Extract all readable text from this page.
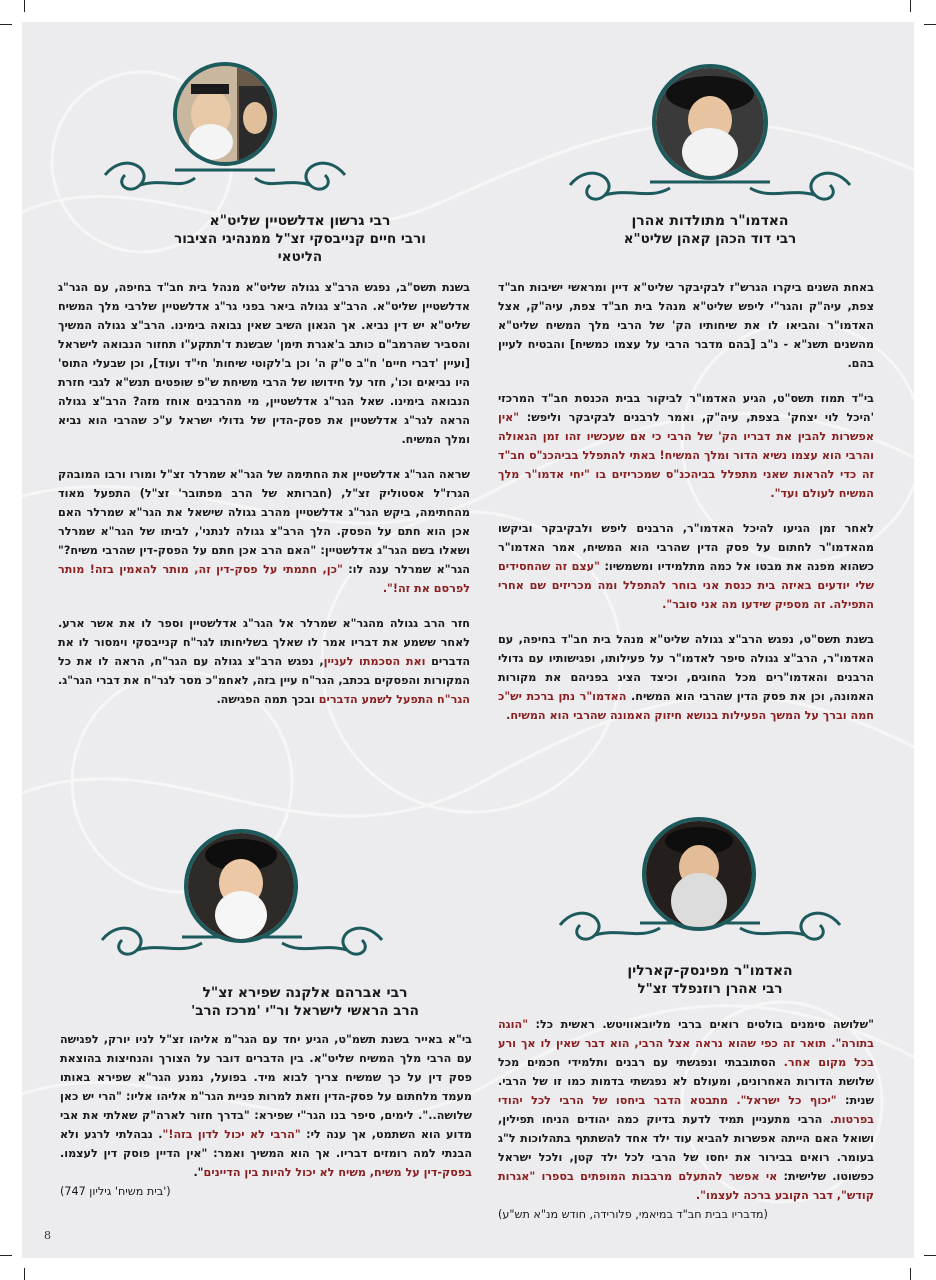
רבי גרשון אדלשטיין שליט"א
ורבי חיים קנייבסקי זצ"ל ממנהיגי הציבור הליטאי
האדמו"ר מתולדות אהרן
רבי דוד הכהן קאהן שליט"א

בשנת תשס"ב, נפגש הרב"צ גגולה שליט"א מנהל בית חב"ד בחיפה, עם הגר"ג אדלשטיין שליט"א. הרב"צ גגולה ביאר בפני גר"ג אדלשטיין שלרבי מלך המשיח שליט"א יש דין נביא. אך הגאון השיב שאין נבואה בימינו. הרב"צ גגולה המשיך והסביר שהרמב"ם כותב ב'אגרת תימן' שבשנת ד'תתקע"ו תחזור הנבואה לישראל [ועיין 'דברי חיים' ח"ב ס"ק ה' וכן ב'לקוטי שיחות' חי"ד ועוד], וכן שבעלי התוס' היו נביאים וכו', חזר על חידושו של הרבי משיחת ש"פ שופטים תנש"א לגבי חזרת הנבואה בימינו. שאל הגר"ג אדלשטיין, מי מהרבנים אוחז מזה? הרב"צ גגולה הראה לגר"ג אדלשטיין את פסק-הדין של גדולי ישראל ע"כ שהרבי הוא נביא ומלך המשיח.

שראה הגר"ג אדלשטיין את החתימה של הגר"א שמרלר זצ"ל ומורו ורבו המובהק הגרז"ל אסטוליק זצ"ל, (חברותא של הרב מפתובר' זצ"ל) התפעל מאוד מהחתימה, ביקש הגר"ג אדלשטיין מהרב גגולה שישאל את הגר"א שמרלר האם אכן הוא חתם על הפסק. הלך הרב"צ גגולה לנתני', לביתו של הגר"א שמרלר ושאלו בשם הגר"ג אדלשטיין: "האם הרב אכן חתם על הפסק-דין שהרבי משיח?" הגר"א שמרלר ענה לו: "כן, חתמתי על פסק-דין זה, מותר להאמין בזה! מותר לפרסם את זה!".

חזר הרב גגולה מהגר"א שמרלר אל הגר"ג אדלשטיין וספר לו את אשר ארע. לאחר ששמע את דבריו אמר לו שאלך בשליחותו לגר"ח קנייבסקי וימסור לו את הדברים ואת הסכמתו לעניין, נפגש הרב"צ גגולה עם הגר"ח, הראה לו את כל המקורות והפסקים בכתב, הגר"ח עיין בזה, לאחמ"כ מסר לגר"ח את דברי הגר"ג. הגר"ח התפעל לשמע הדברים ובכך תמה הפגישה.

באחת השנים ביקרו הגרש"ז לבקיבקר שליט"א דיין ומראשי ישיבות חב"ד צפת, עיה"ק והגר"י ליפש שליט"א מנהל בית חב"ד צפת, עיה"ק, אצל האדמו"ר והביאו לו את שיחותיו הק' של הרבי מלך המשיח שליט"א מהשנים תשנ"א - נ"ב [בהם מדבר הרבי על עצמו כמשיח] והבטיח לעיין בהם.

בי"ד תמוז תשס"ט, הגיע האדמו"ר לביקור בבית הכנסת חב"ד המרכזי 'היכל לוי יצחק' בצפת, עיה"ק, ואמר לרבנים לבקיבקר וליפש: "אין אפשרות להבין את דבריו הק' של הרבי כי אם שעכשיו זהו זמן הגאולה והרבי הוא עצמו נשיא הדור ומלך המשיח! באתי להתפלל בביהכנ"ס חב"ד זה כדי להראות שאני מתפלל בביהכנ"ס שמכריזים בו "יחי אדמו"ר מלך המשיח לעולם ועד".

לאחר זמן הגיעו להיכל האדמו"ר, הרבנים ליפש ולבקיבקר וביקשו מהאדמו"ר לחתום על פסק הדין שהרבי הוא המשיח, אמר האדמו"ר כשהוא מפנה את מבטו אל כמה מתלמידיו ומשמשיו: "עצם זה שהחסידים שלי יודעים באיזה בית כנסת אני בוחר להתפלל ומה מכריזים שם אחרי התפילה. זה מספיק שידעו מה אני סובר".

בשנת תשס"ט, נפגש הרב"צ גגולה שליט"א מנהל בית חב"ד בחיפה, עם האדמו"ר, הרב"צ גגולה סיפר לאדמו"ר על פעילותו, ופגישותיו עם גדולי הרבנים והאדמו"רים מכל החוגים, וכיצד הציג בפניהם את מקורות האמונה, וכן את פסק הדין שהרבי הוא המשיח. האדמו"ר נתן ברכת יש"כ חמה וברך על המשך הפעילות בנושא חיזוק האמונה שהרבי הוא המשיח.

רבי אברהם אלקנה שפירא זצ"ל
הרב הראשי לישראל ור"י 'מרכז הרב'
האדמו"ר מפינסק-קארלין
רבי אהרן רוזנפלד זצ"ל

בי"א באייר בשנת תשמ"ט, הגיע יחד עם הגר"מ אליהו זצ"ל לניו יורק, לפגישה עם הרבי מלך המשיח שליט"א. בין הדברים דובר על הצורך והנחיצות בהוצאת פסק דין על כך שמשיח צריך לבוא מיד. בפועל, נמנע הגר"א שפירא באותו מעמד מלחתום על פסק-הדין וזאת למרות פניית הגר"מ אליהו אליו: "הרי יש כאן שלושה..". לימים, סיפר בנו הגר"י שפירא: "בדרך חזור לארה"ק שאלתי את אבי מדוע הוא השתמט, אך ענה לי: "הרבי לא יכול לדון בזה!". נבהלתי לרגע ולא הבנתי למה רומזים דבריו. אך הוא המשיך ואמר: "אין הדיין פוסק דין לעצמו. בפסק-דין על משיח, משיח לא יכול להיות בין הדיינים".

('בית משיח' גיליון 747)

"שלושה סימנים בולטים רואים ברבי מליובאוויטש. ראשית כל: "הוגה בתורה". תואר זה כפי שהוא נראה אצל הרבי, הוא דבר שאין לו אך ורע בכל מקום אחר. הסתובבתי ונפגשתי עם רבנים ותלמידי חכמים מכל שלושת הדורות האחרונים, ומעולם לא נפגשתי בדמות כמו זו של הרבי. שנית: "יכוף כל ישראל". מתבטא הדבר ביחסו של הרבי לכל יהודי בפרטות. הרבי מתעניין תמיד לדעת בדיוק כמה יהודים הניחו תפילין, ושואל האם הייתה אפשרות להביא עוד ילד אחד להשתתף בתהלוכות ל"ג בעומר. רואים בבירור את יחסו של הרבי לכל ילד קטן, ולכל ישראל כפשוטו. שלישית: אי אפשר להתעלם מרבבות המופתים בספרו "אגרות קודש", דבר הקובע ברכה לעצמו".

(מדבריו בבית חב"ד במיאמי, פלורידה, חודש מנ"א תש"ע)
8
